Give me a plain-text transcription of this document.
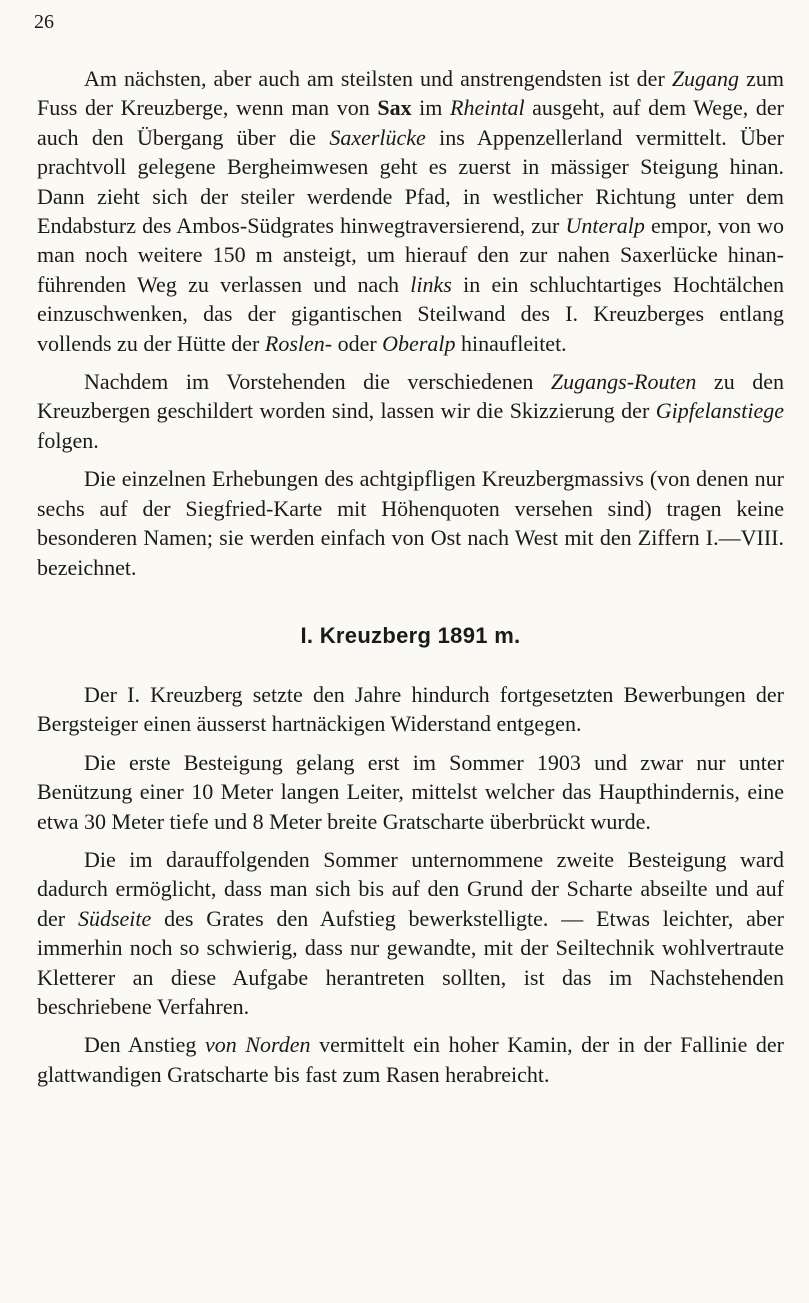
26

Am nächsten, aber auch am steilsten und anstrengendsten ist der Zugang zum Fuss der Kreuzberge, wenn man von Sax im Rheintal ausgeht, auf dem Wege, der auch den Übergang über die Saxerlücke ins Appenzellerland vermittelt. Über prachtvoll gelegene Bergheimwesen geht es zuerst in mässiger Steigung hinan. Dann zieht sich der steiler werdende Pfad, in westlicher Richtung unter dem Endabsturz des Ambos-Südgrates hinwegtraversierend, zur Unteralp empor, von wo man noch weitere 150 m ansteigt, um hierauf den zur nahen Saxerlücke hinanführenden Weg zu verlassen und nach links in ein schluchtartiges Hochtälchen einzuschwenken, das der gigantischen Steilwand des I. Kreuzberges entlang vollends zu der Hütte der Roslen- oder Oberalp hinaufleitet.

Nachdem im Vorstehenden die verschiedenen Zugangs-Routen zu den Kreuzbergen geschildert worden sind, lassen wir die Skizzierung der Gipfelanstiege folgen.

Die einzelnen Erhebungen des achtgipfligen Kreuzbergmassivs (von denen nur sechs auf der Siegfried-Karte mit Höhenquoten versehen sind) tragen keine besonderen Namen; sie werden einfach von Ost nach West mit den Ziffern I.—VIII. bezeichnet.

I. Kreuzberg 1891 m.

Der I. Kreuzberg setzte den Jahre hindurch fortgesetzten Bewerbungen der Bergsteiger einen äusserst hartnäckigen Widerstand entgegen.

Die erste Besteigung gelang erst im Sommer 1903 und zwar nur unter Benützung einer 10 Meter langen Leiter, mittelst welcher das Haupthindernis, eine etwa 30 Meter tiefe und 8 Meter breite Gratscharte überbrückt wurde.

Die im darauffolgenden Sommer unternommene zweite Besteigung ward dadurch ermöglicht, dass man sich bis auf den Grund der Scharte abseilte und auf der Südseite des Grates den Aufstieg bewerkstelligte. — Etwas leichter, aber immerhin noch so schwierig, dass nur gewandte, mit der Seiltechnik wohlvertraute Kletterer an diese Aufgabe herantreten sollten, ist das im Nachstehenden beschriebene Verfahren.

Den Anstieg von Norden vermittelt ein hoher Kamin, der in der Fallinie der glattwandigen Gratscharte bis fast zum Rasen herabreicht.
